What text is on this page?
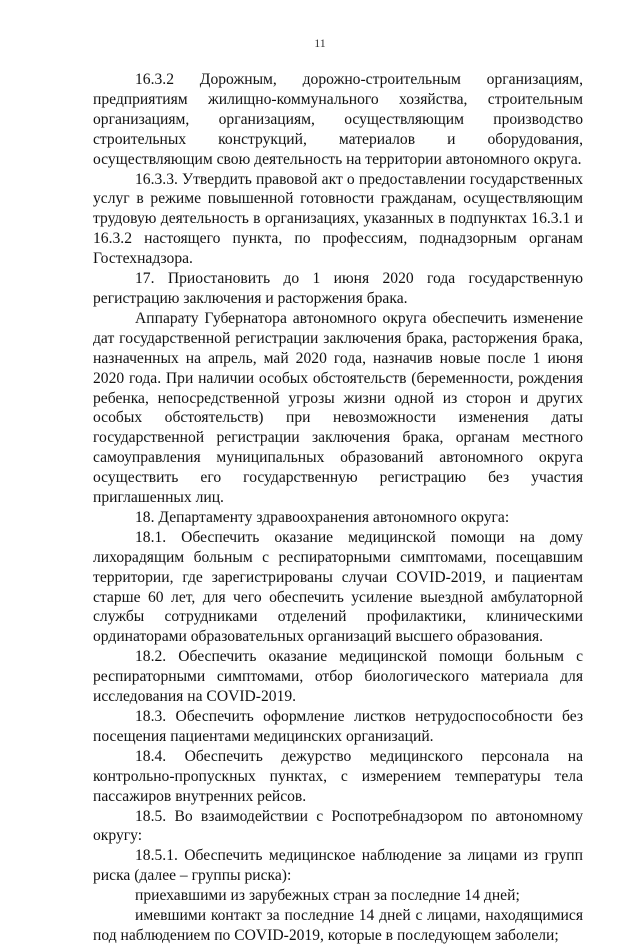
11

16.3.2 Дорожным, дорожно-строительным организациям, предприятиям жилищно-коммунального хозяйства, строительным организациям, организациям, осуществляющим производство строительных конструкций, материалов и оборудования, осуществляющим свою деятельность на территории автономного округа.

16.3.3. Утвердить правовой акт о предоставлении государственных услуг в режиме повышенной готовности гражданам, осуществляющим трудовую деятельность в организациях, указанных в подпунктах 16.3.1 и 16.3.2 настоящего пункта, по профессиям, поднадзорным органам Гостехнадзора.

17. Приостановить до 1 июня 2020 года государственную регистрацию заключения и расторжения брака.

Аппарату Губернатора автономного округа обеспечить изменение дат государственной регистрации заключения брака, расторжения брака, назначенных на апрель, май 2020 года, назначив новые после 1 июня 2020 года. При наличии особых обстоятельств (беременности, рождения ребенка, непосредственной угрозы жизни одной из сторон и других особых обстоятельств) при невозможности изменения даты государственной регистрации заключения брака, органам местного самоуправления муниципальных образований автономного округа осуществить его государственную регистрацию без участия приглашенных лиц.

18. Департаменту здравоохранения автономного округа:

18.1. Обеспечить оказание медицинской помощи на дому лихорадящим больным с респираторными симптомами, посещавшим территории, где зарегистрированы случаи COVID-2019, и пациентам старше 60 лет, для чего обеспечить усиление выездной амбулаторной службы сотрудниками отделений профилактики, клиническими ординаторами образовательных организаций высшего образования.

18.2. Обеспечить оказание медицинской помощи больным с респираторными симптомами, отбор биологического материала для исследования на COVID-2019.

18.3. Обеспечить оформление листков нетрудоспособности без посещения пациентами медицинских организаций.

18.4. Обеспечить дежурство медицинского персонала на контрольно-пропускных пунктах, с измерением температуры тела пассажиров внутренних рейсов.

18.5. Во взаимодействии с Роспотребнадзором по автономному округу:

18.5.1. Обеспечить медицинское наблюдение за лицами из групп риска (далее – группы риска):

приехавшими из зарубежных стран за последние 14 дней;

имевшими контакт за последние 14 дней с лицами, находящимися под наблюдением по COVID-2019, которые в последующем заболели;
